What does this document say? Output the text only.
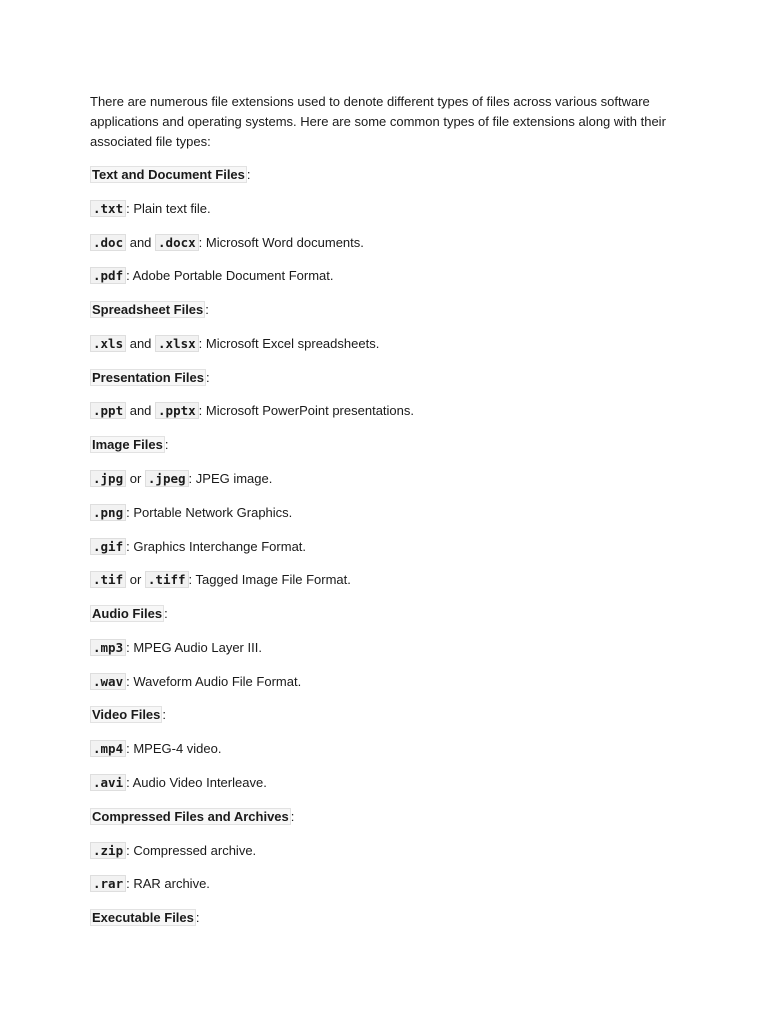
There are numerous file extensions used to denote different types of files across various software applications and operating systems. Here are some common types of file extensions along with their associated file types:

Text and Document Files :

.txt : Plain text file.

.doc and .docx : Microsoft Word documents.

.pdf : Adobe Portable Document Format.

Spreadsheet Files :

.xls and .xlsx : Microsoft Excel spreadsheets.

Presentation Files :

.ppt and .pptx : Microsoft PowerPoint presentations.

Image Files :

.jpg or .jpeg : JPEG image.

.png : Portable Network Graphics.

.gif : Graphics Interchange Format.

.tif or .tiff : Tagged Image File Format.

Audio Files :

.mp3 : MPEG Audio Layer III.

.wav : Waveform Audio File Format.

Video Files :

.mp4 : MPEG-4 video.

.avi : Audio Video Interleave.

Compressed Files and Archives :

.zip : Compressed archive.

.rar : RAR archive.

Executable Files :
